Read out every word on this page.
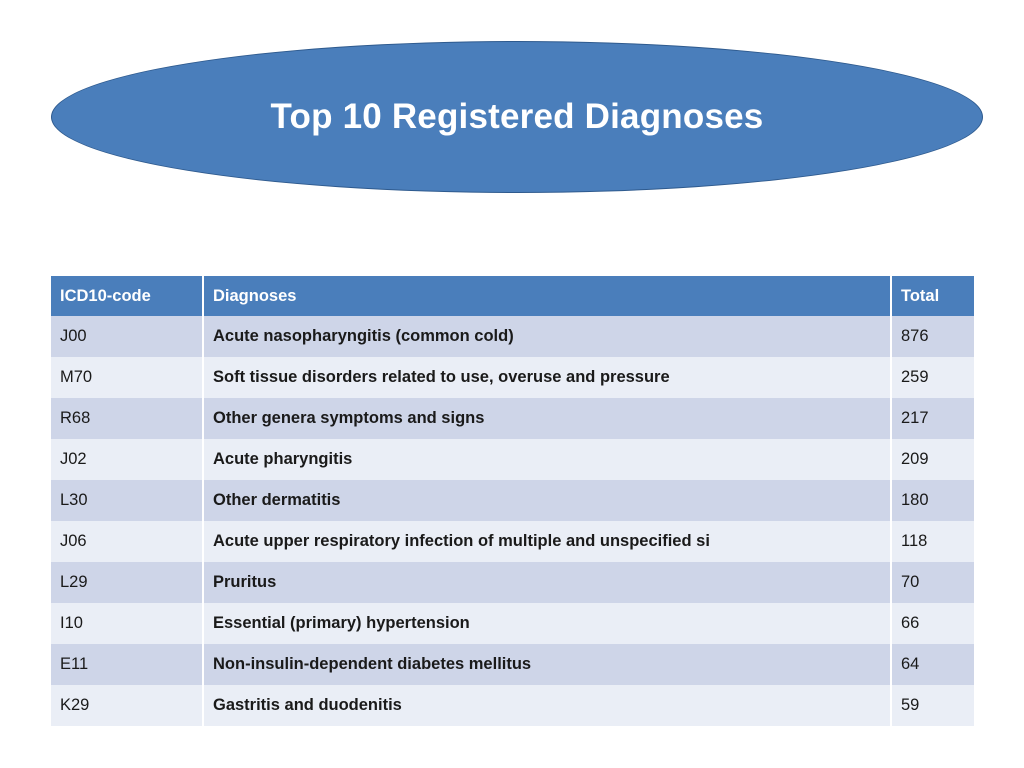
Top 10 Registered Diagnoses
ICD10-code	Diagnoses	Total
J00	Acute nasopharyngitis (common cold)	876
M70	Soft tissue disorders related to use, overuse and pressure	259
R68	Other genera symptoms and signs	217
J02	Acute pharyngitis	209
L30	Other dermatitis	180
J06	Acute upper respiratory infection of multiple and unspecified si	118
L29	Pruritus	70
I10	Essential (primary) hypertension	66
E11	Non-insulin-dependent diabetes mellitus	64
K29	Gastritis and duodenitis	59
